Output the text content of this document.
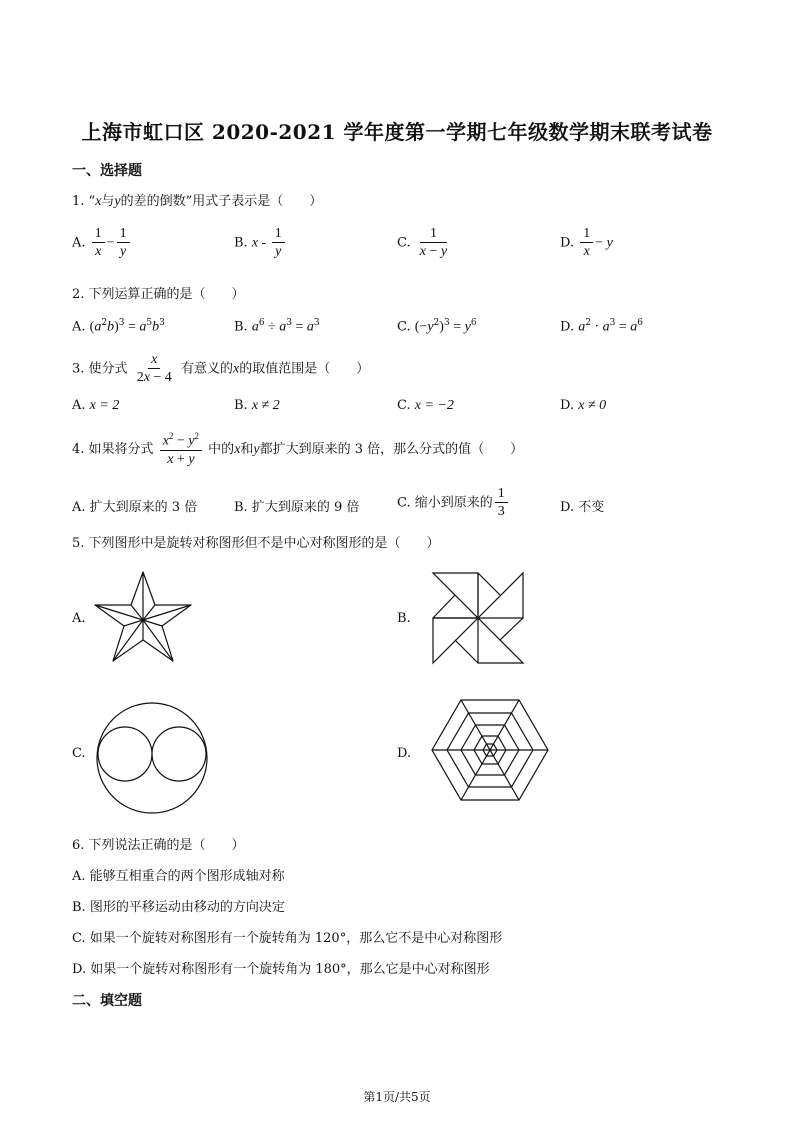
上海市虹口区 2020-2021 学年度第一学期七年级数学期末联考试卷
一、选择题
1. “x与y的差的倒数”用式子表示是（　　）
A. $\frac{1}{x} - \frac{1}{y}$	B. x - $\frac{1}{y}$	C. $\frac{1}{x - y}$	D. $\frac{1}{x} - y$
2. 下列运算正确的是（　　）
A. $(a^2b)^3 = a^5b^3$	B. $a^6 \div a^3 = a^3$	C. $(-y^2)^3 = y^6$	D. $a^2 \cdot a^3 = a^6$
3. 使分式 $\frac{x}{2x - 4}$ 有意义的x的取值范围是（　　）
A. x = 2	B. x ≠ 2	C. x = −2	D. x ≠ 0
4. 如果将分式 $\frac{x^2 - y^2}{x + y}$ 中的x和y都扩大到原来的 3 倍，那么分式的值（　　）
A. 扩大到原来的 3 倍	B. 扩大到原来的 9 倍	C. 缩小到原来的 $\frac{1}{3}$	D. 不变
5. 下列图形中是旋转对称图形但不是中心对称图形的是（　　）
A.	B.
C.	D.
6. 下列说法正确的是（　　）
A. 能够互相重合的两个图形成轴对称
B. 图形的平移运动由移动的方向决定
C. 如果一个旋转对称图形有一个旋转角为 120°，那么它不是中心对称图形
D. 如果一个旋转对称图形有一个旋转角为 180°，那么它是中心对称图形
二、填空题
第1页/共5页
